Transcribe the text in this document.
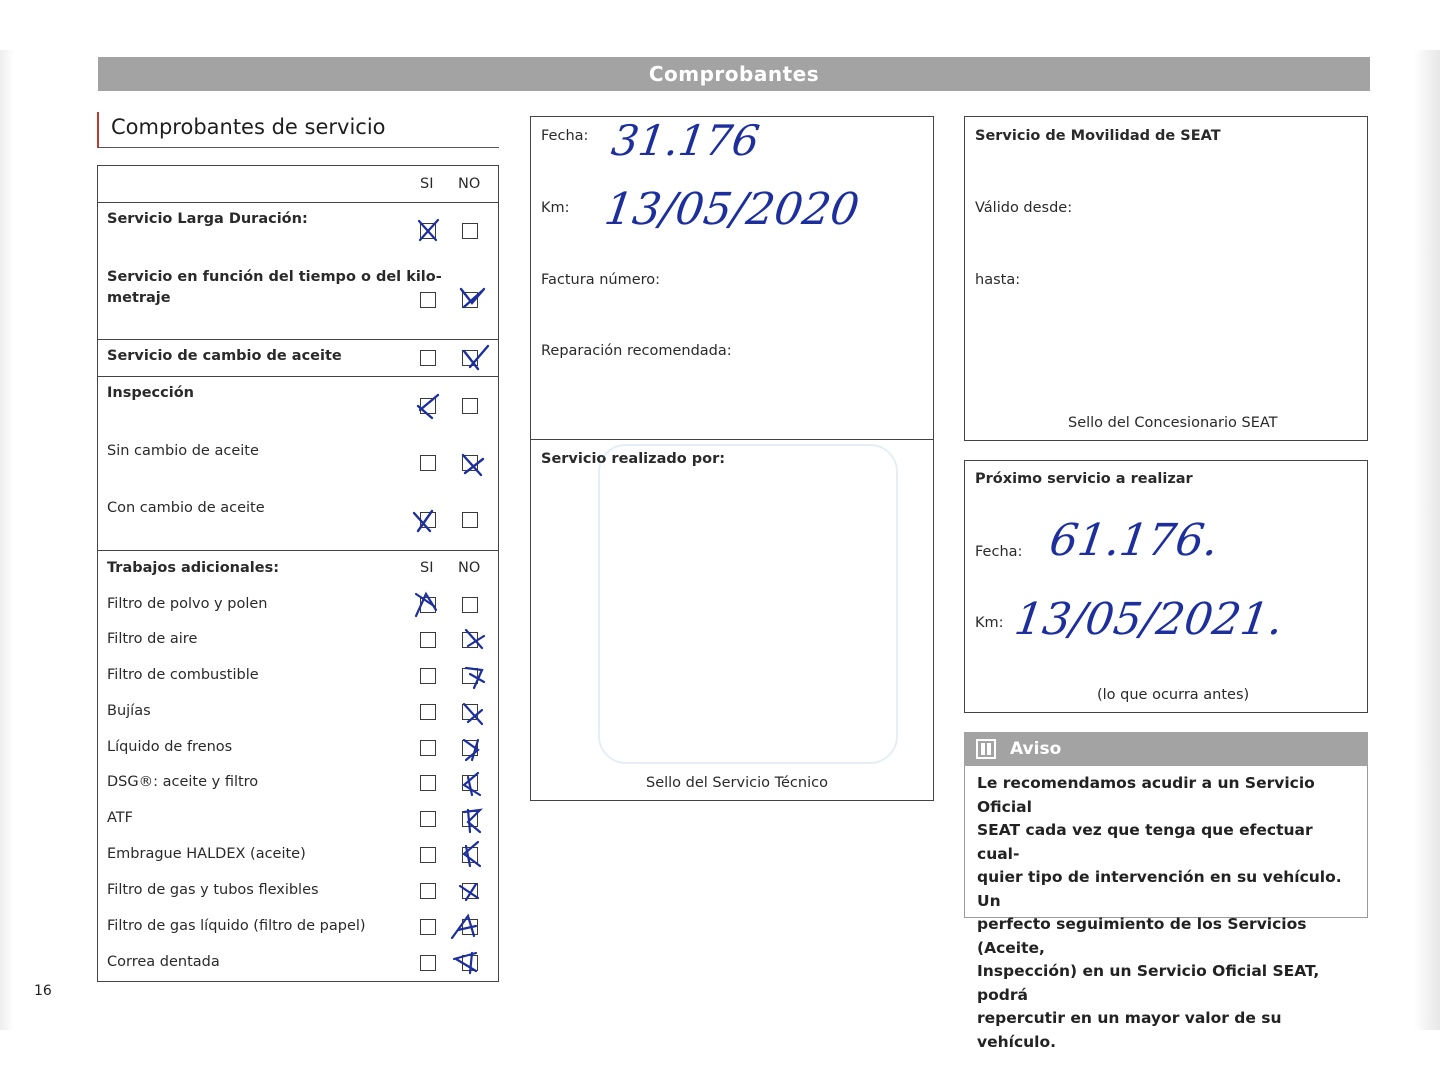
Comprobantes
Comprobantes de servicio
SI NO
Servicio Larga Duración:
Servicio en función del tiempo o del kilo-
metraje
Servicio de cambio de aceite
Inspección
Sin cambio de aceite
Con cambio de aceite
Trabajos adicionales:	SI NO
Filtro de polvo y polen
Filtro de aire
Filtro de combustible
Bujías
Líquido de frenos
DSG®: aceite y filtro
ATF
Embrague HALDEX (aceite)
Filtro de gas y tubos flexibles
Filtro de gas líquido (filtro de papel)
Correa dentada
Fecha:
Km:
Factura número:
Reparación recomendada:
Servicio realizado por:
Sello del Servicio Técnico
31.176
13/05/2020
Servicio de Movilidad de SEAT
Válido desde:
hasta:
Sello del Concesionario SEAT
Próximo servicio a realizar
Fecha:
Km:
(lo que ocurra antes)
61.176.
13/05/2021.
Aviso
Le recomendamos acudir a un Servicio Oficial
SEAT cada vez que tenga que efectuar cual-
quier tipo de intervención en su vehículo. Un
perfecto seguimiento de los Servicios (Aceite,
Inspección) en un Servicio Oficial SEAT, podrá
repercutir en un mayor valor de su vehículo.
16
